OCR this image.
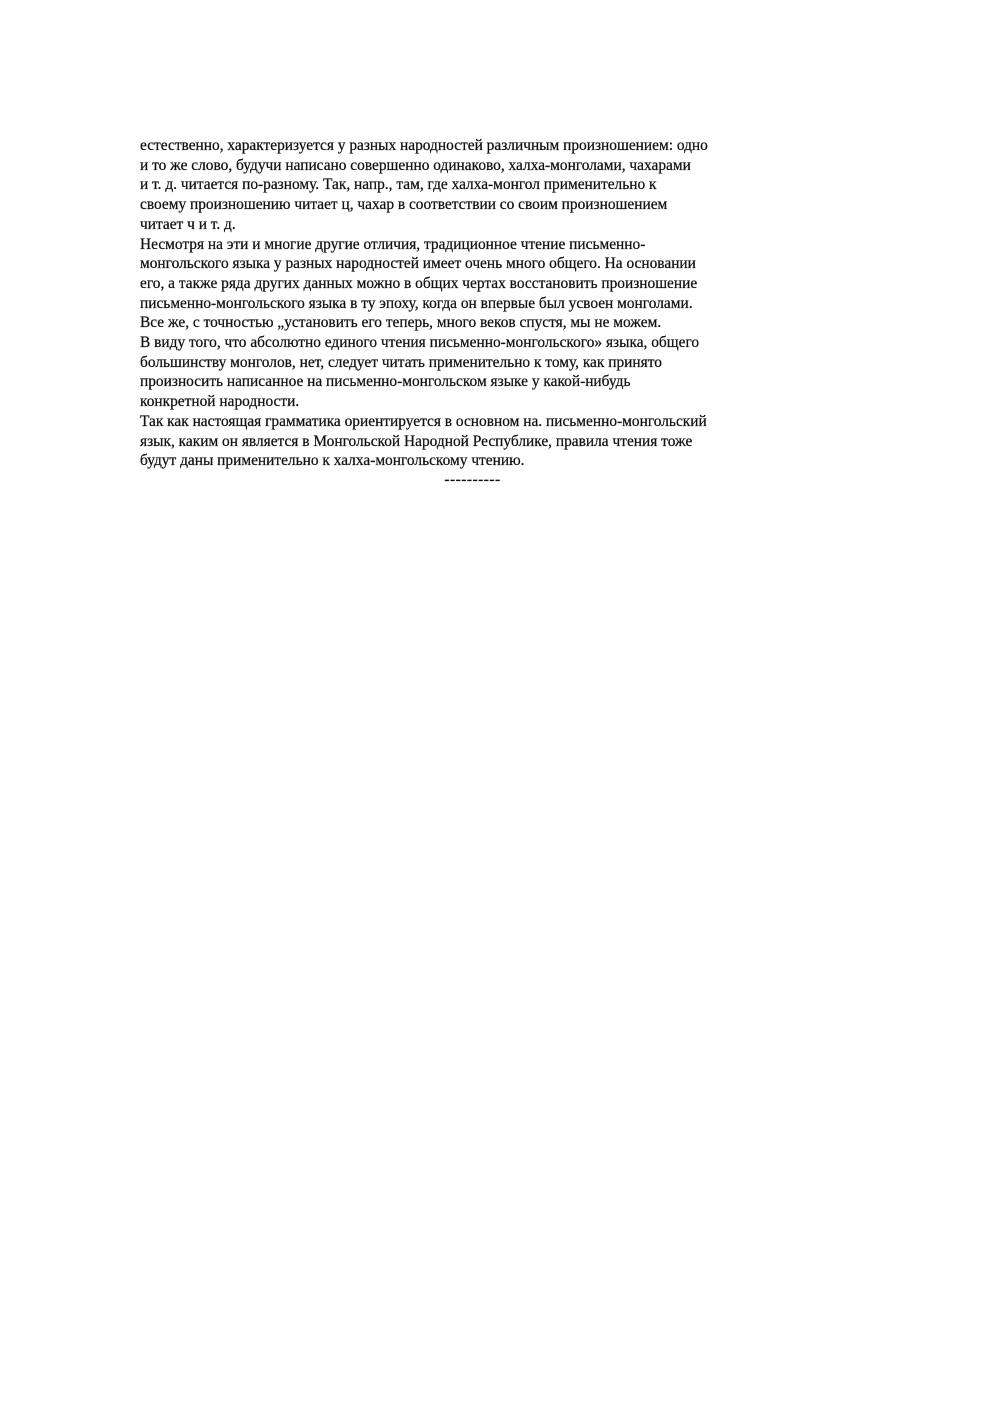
естественно, характеризуется у разных народностей различным произношением: одно
и то же слово, будучи написано совершенно одинаково, халха-монголами, чахарами
и т. д. читается по-разному. Так, напр., там, где халха-монгол применительно к
своему произношению читает ц, чахар в соответствии со своим произношением
читает ч и т. д.

Несмотря на эти и многие другие отличия, традиционное чтение письменно-
монгольского языка у разных народностей имеет очень много общего. На основании
его, а также ряда других данных можно в общих чертах восстановить произношение
письменно-монгольского языка в ту эпоху, когда он впервые был усвоен монголами.
Все же, с точностью „установить его теперь, много веков спустя, мы не можем.

В виду того, что абсолютно единого чтения письменно-монгольского» языка, общего
большинству монголов, нет, следует читать применительно к тому, как принято
произносить написанное на письменно-монгольском языке у какой-нибудь
конкретной народности.

Так как настоящая грамматика ориентируется в основном на. письменно-монгольский
язык, каким он является в Монгольской Народной Республике, правила чтения тоже
будут даны применительно к халха-монгольскому чтению.

----------
